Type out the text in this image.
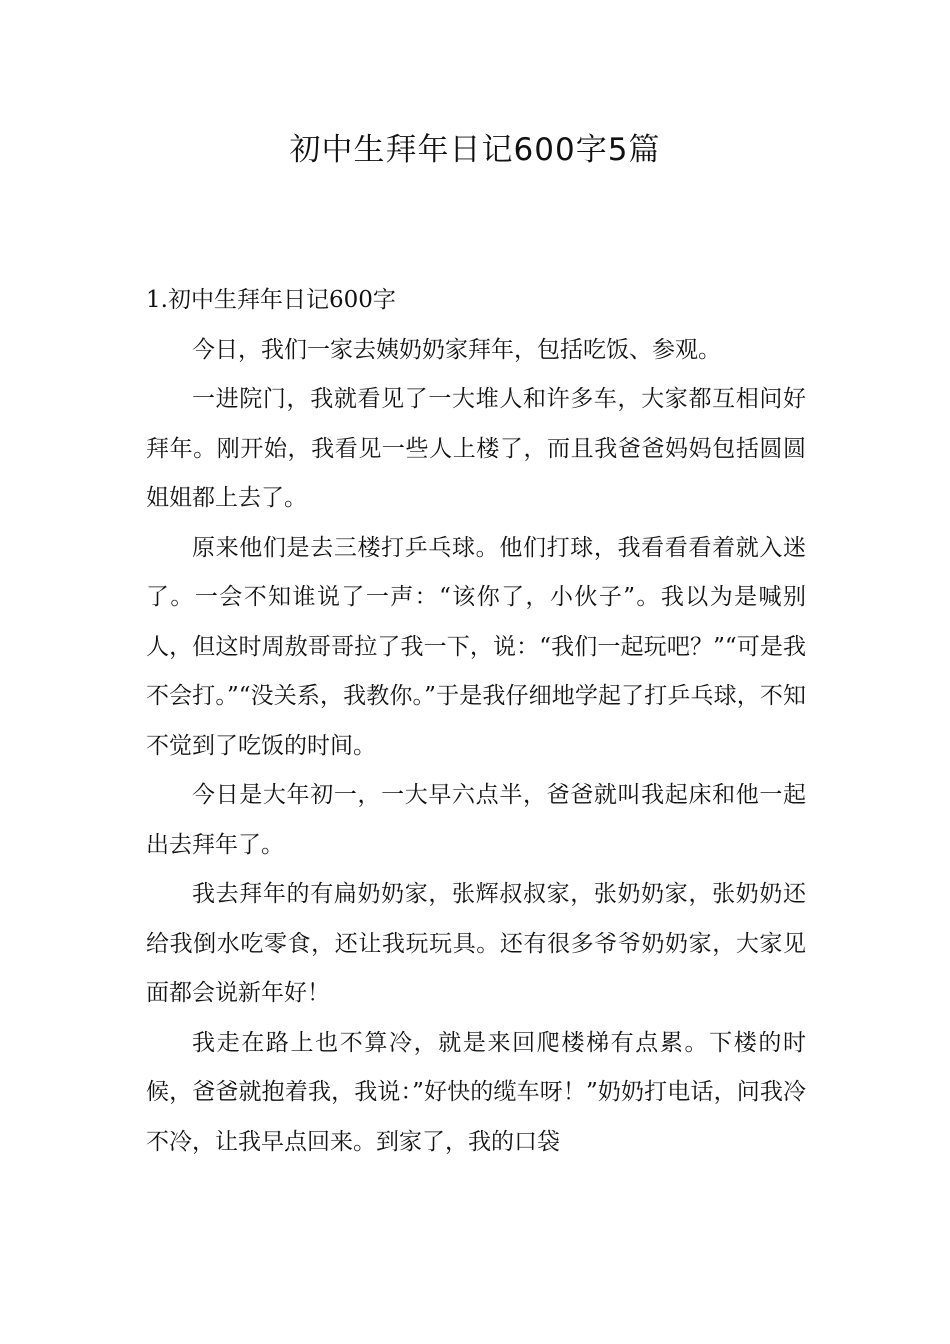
初中生拜年日记600字5篇
1.初中生拜年日记600字

今日，我们一家去姨奶奶家拜年，包括吃饭、参观。

一进院门，我就看见了一大堆人和许多车，大家都互相问好拜年。刚开始，我看见一些人上楼了，而且我爸爸妈妈包括圆圆姐姐都上去了。

原来他们是去三楼打乒乓球。他们打球，我看看看着就入迷了。一会不知谁说了一声：“该你了，小伙子”。我以为是喊别人，但这时周敖哥哥拉了我一下，说：“我们一起玩吧？”“可是我不会打。”“没关系，我教你。”于是我仔细地学起了打乒乓球，不知不觉到了吃饭的时间。

今日是大年初一，一大早六点半，爸爸就叫我起床和他一起出去拜年了。

我去拜年的有扁奶奶家，张辉叔叔家，张奶奶家，张奶奶还给我倒水吃零食，还让我玩玩具。还有很多爷爷奶奶家，大家见面都会说新年好！

我走在路上也不算冷，就是来回爬楼梯有点累。下楼的时候，爸爸就抱着我，我说：”好快的缆车呀！”奶奶打电话，问我冷不冷，让我早点回来。到家了，我的口袋
